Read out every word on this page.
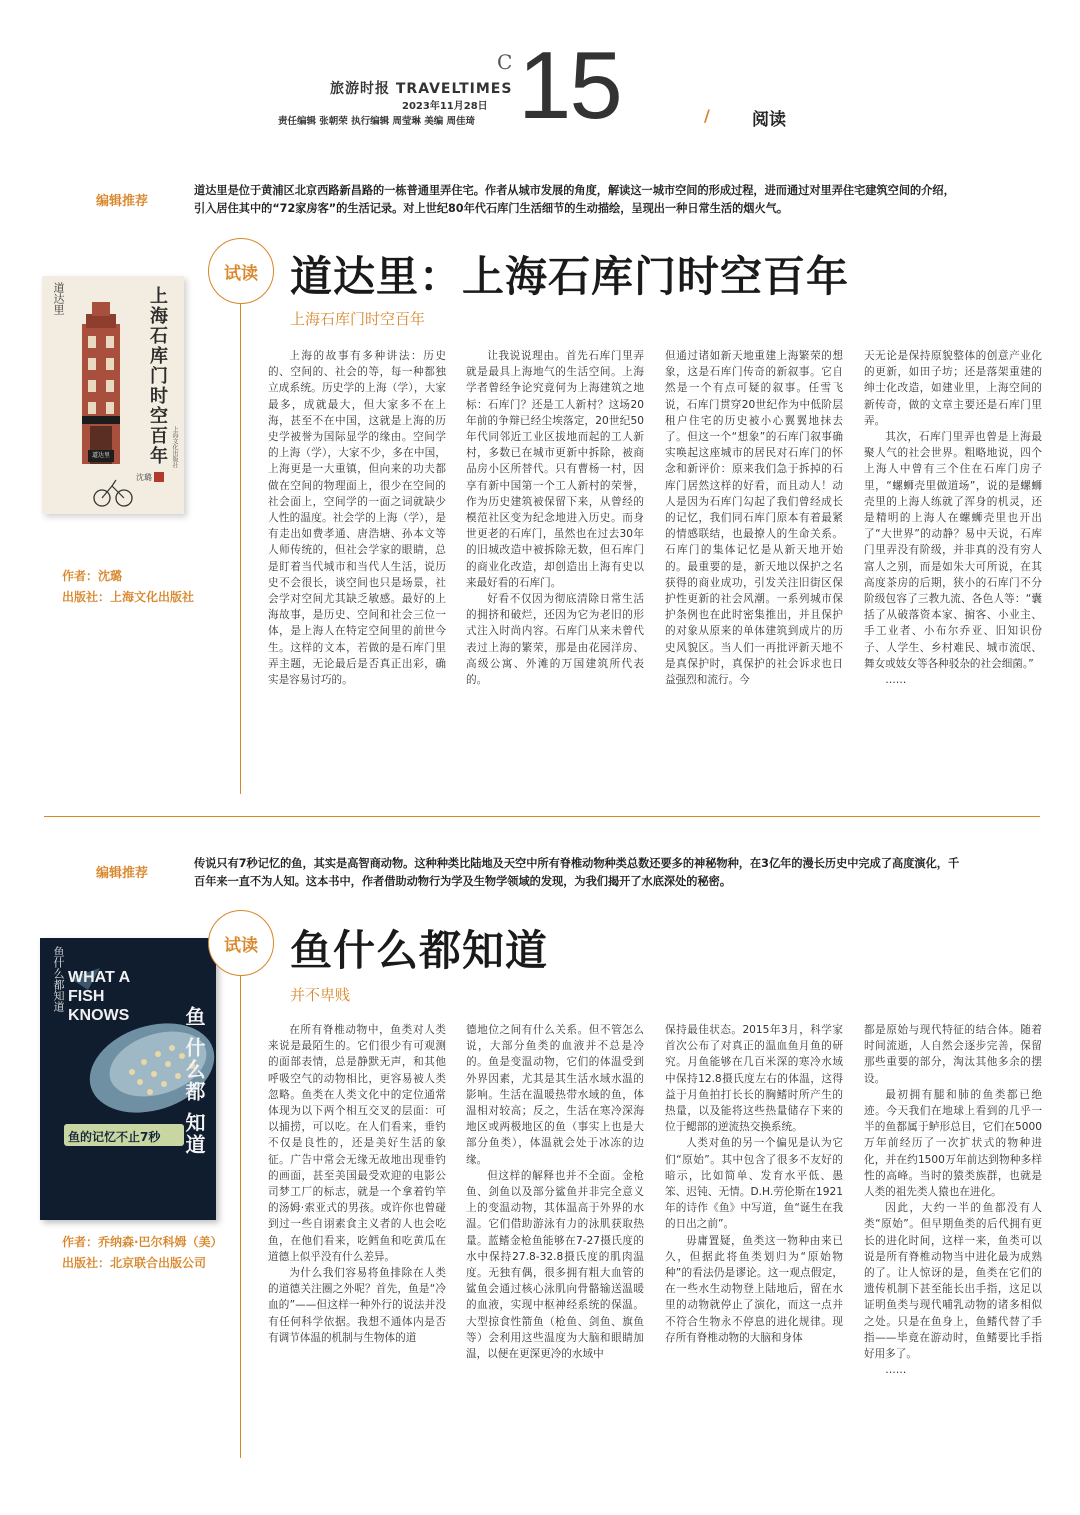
旅游时报 TRAVELTIMES
2023年11月28日
责任编辑 张朝荣 执行编辑 周莹琳 美编 周佳琦
C 15	/ 阅读
编辑推荐
道达里是位于黄浦区北京西路新昌路的一栋普通里弄住宅。作者从城市发展的角度，解读这一城市空间的形成过程，进而通过对里弄住宅建筑空间的介绍，引入居住其中的“72家房客”的生活记录。对上世纪80年代石库门生活细节的生动描绘，呈现出一种日常生活的烟火气。
道达里
道达里 上海石库门时空百年
沈璐
上海文化出版社
作者：沈璐
出版社：上海文化出版社
试读 道达里：上海石库门时空百年
上海石库门时空百年

上海的故事有多种讲法：历史的、空间的、社会的等，每一种都独立成系统。历史学的上海（学），大家最多，成就最大，但大家多不在上海，甚至不在中国，这就是上海的历史学被誉为国际显学的缘由。空间学的上海（学），大家不少，多在中国，上海更是一大重镇，但向来的功夫都做在空间的物理面上，很少在空间的社会面上，空间学的一面之词就缺少人性的温度。社会学的上海（学），是有走出如费孝通、唐浩塘、孙本文等人师传统的，但社会学家的眼睛，总是盯着当代城市和当代人生活，说历史不会很长，谈空间也只是场景，社会学对空间尤其缺乏敏感。最好的上海故事，是历史、空间和社会三位一体，是上海人在特定空间里的前世今生。这样的文本，若做的是石库门里弄主题，无论最后是否真正出彩，确实是容易讨巧的。

让我说说理由。首先石库门里弄就是最具上海地气的生活空间。上海学者曾经争论究竟何为上海建筑之地标：石库门？还是工人新村？这场20年前的争辩已经尘埃落定，20世纪50年代同邻近工业区拔地而起的工人新村，多数已在城市更新中拆除，被商品房小区所替代。只有曹杨一村，因享有新中国第一个工人新村的荣誉，作为历史建筑被保留下来，从曾经的模范社区变为纪念地进入历史。而身世更老的石库门，虽然也在过去30年的旧城改造中被拆除无数，但石库门的商业化改造，却创造出上海有史以来最好看的石库门。

好看不仅因为彻底清除日常生活的拥挤和破烂，还因为它为老旧的形式注入时尚内容。石库门从来未曾代表过上海的繁荣，那是由花园洋房、高级公寓、外滩的万国建筑所代表的。

但通过诸如新天地重建上海繁荣的想象，这是石库门传奇的新叙事。它自然是一个有点可疑的叙事。任雪飞说，石库门贯穿20世纪作为中低阶层租户住宅的历史被小心翼翼地抹去了。但这一个“想象”的石库门叙事确实唤起这座城市的居民对石库门的怀念和新评价：原来我们急于拆掉的石库门居然这样的好看，而且动人！动人是因为石库门勾起了我们曾经成长的记忆，我们同石库门原本有着最紧的情感联结，也最撩人的生命关系。石库门的集体记忆是从新天地开始的。最重要的是，新天地以保护之名获得的商业成功，引发关注旧街区保护性更新的社会风潮。一系列城市保护条例也在此时密集推出，并且保护的对象从原来的单体建筑到成片的历史风貌区。当人们一再批评新天地不是真保护时，真保护的社会诉求也日益强烈和流行。今

天无论是保持原貌整体的创意产业化的更新，如田子坊；还是落架重建的绅士化改造，如建业里，上海空间的新传奇，做的文章主要还是石库门里弄。

其次，石库门里弄也曾是上海最聚人气的社会世界。粗略地说，四个上海人中曾有三个住在石库门房子里，“螺蛳壳里做道场”，说的是螺蛳壳里的上海人练就了浑身的机灵，还是精明的上海人在螺蛳壳里也开出了“大世界”的动静？易中天说，石库门里弄没有阶级，并非真的没有穷人富人之别，而是如朱大可所说，在其高度茶房的后期，狭小的石库门不分阶级包容了三教九流、各色人等：“囊括了从破落资本家、掮客、小业主、手工业者、小布尔乔亚、旧知识份子、人学生、乡村难民、城市流氓、舞女或妓女等各种驳杂的社会细菌。”

……

编辑推荐
传说只有7秒记忆的鱼，其实是高智商动物。这种种类比陆地及天空中所有脊椎动物种类总数还要多的神秘物种，在3亿年的漫长历史中完成了高度演化，千百年来一直不为人知。这本书中，作者借助动物行为学及生物学领域的发现，为我们揭开了水底深处的秘密。
鱼什么都知道 WHAT A FISH KNOWS	鱼 什么都 知道
鱼的记忆不止7秒
作者：乔纳森·巴尔科姆（美）
出版社：北京联合出版公司
试读 鱼什么都知道
并不卑贱

在所有脊椎动物中，鱼类对人类来说是最陌生的。它们很少有可观测的面部表情，总是静默无声，和其他呼吸空气的动物相比，更容易被人类忽略。鱼类在人类文化中的定位通常体现为以下两个相互交叉的层面：可以捕捞，可以吃。在人们看来，垂钓不仅是良性的，还是美好生活的象征。广告中常会无缘无故地出现垂钓的画面，甚至美国最受欢迎的电影公司梦工厂的标志，就是一个拿着钓竿的汤姆·索亚式的男孩。或许你也曾碰到过一些自诩素食主义者的人也会吃鱼，在他们看来，吃鳕鱼和吃黄瓜在道德上似乎没有什么差异。

为什么我们容易将鱼排除在人类的道德关注圈之外呢？首先，鱼是“冷血的”——但这样一种外行的说法并没有任何科学依据。我想不通体内是否有调节体温的机制与生物体的道

德地位之间有什么关系。但不管怎么说，大部分鱼类的血液并不总是冷的。鱼是变温动物，它们的体温受到外界因素，尤其是其生活水域水温的影响。生活在温暖热带水域的鱼，体温相对较高；反之，生活在寒冷深海地区或两极地区的鱼（事实上也是大部分鱼类），体温就会处于冰冻的边缘。

但这样的解释也并不全面。金枪鱼、剑鱼以及部分鲨鱼并非完全意义上的变温动物，其体温高于外界的水温。它们借助游泳有力的泳肌获取热量。蓝鳍金枪鱼能够在7-27摄氏度的水中保持27.8-32.8摄氏度的肌肉温度。无独有偶，很多拥有粗大血管的鲨鱼会通过核心泳肌向骨骼输送温暖的血液，实现中枢神经系统的保温。大型掠食性箭鱼（枪鱼、剑鱼、旗鱼等）会利用这些温度为大脑和眼睛加温，以便在更深更冷的水域中

保持最佳状态。2015年3月，科学家首次公布了对真正的温血鱼月鱼的研究。月鱼能够在几百米深的寒冷水域中保持12.8摄氏度左右的体温，这得益于月鱼拍打长长的胸鳍时所产生的热量，以及能将这些热量储存下来的位于鳃部的逆流热交换系统。

人类对鱼的另一个偏见是认为它们“原始”。其中包含了很多不友好的暗示，比如简单、发育水平低、愚笨、迟钝、无情。D.H.劳伦斯在1921年的诗作《鱼》中写道，鱼“诞生在我的日出之前”。

毋庸置疑，鱼类这一物种由来已久，但据此将鱼类划归为“原始物种”的看法仍是谬论。这一观点假定，在一些水生动物登上陆地后，留在水里的动物就停止了演化，而这一点并不符合生物永不停息的进化规律。现存所有脊椎动物的大脑和身体

都是原始与现代特征的结合体。随着时间流逝，人自然会逐步完善，保留那些重要的部分，淘汰其他多余的摆设。

最初拥有腿和肺的鱼类都已绝迹。今天我们在地球上看到的几乎一半的鱼都属于鲈形总目，它们在5000万年前经历了一次扩状式的物种进化，并在约1500万年前达到物种多样性的高峰。当时的猿类族群，也就是人类的祖先类人猿也在进化。

因此，大约一半的鱼都没有人类“原始”。但早期鱼类的后代拥有更长的进化时间，这样一来，鱼类可以说是所有脊椎动物当中进化最为成熟的了。让人惊讶的是，鱼类在它们的遗传机制下甚至能长出手指，这足以证明鱼类与现代哺乳动物的诸多相似之处。只是在鱼身上，鱼鳍代替了手指——毕竟在游动时，鱼鳍要比手指好用多了。

……
